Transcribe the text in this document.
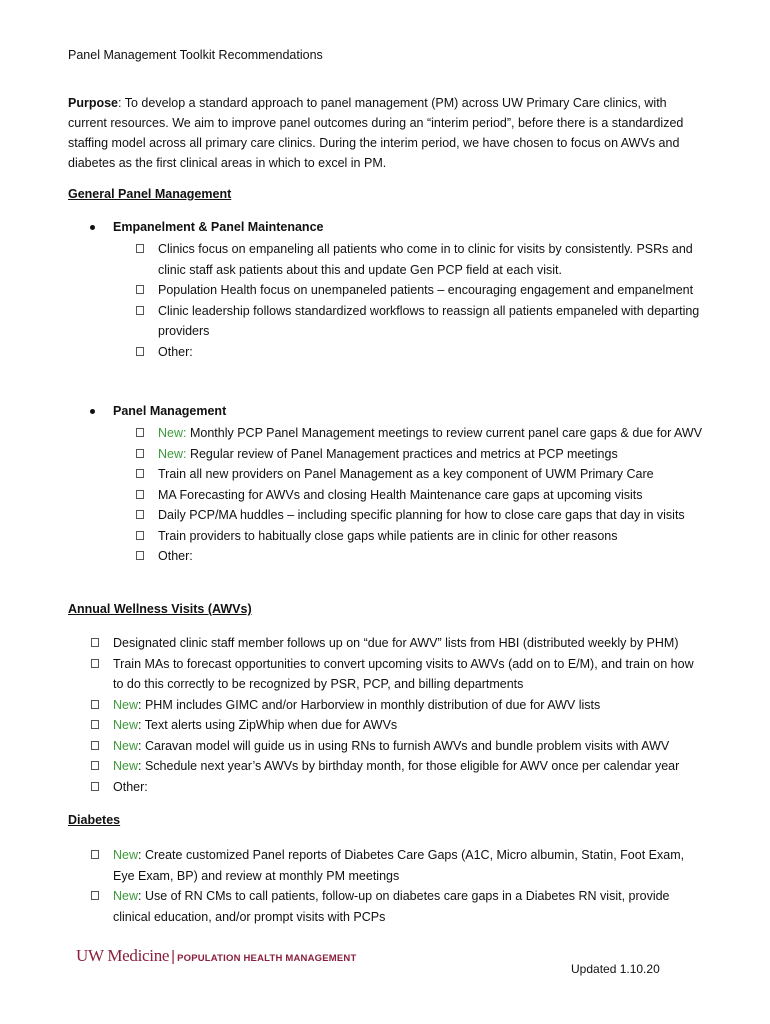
Panel Management Toolkit Recommendations
Purpose: To develop a standard approach to panel management (PM) across UW Primary Care clinics, with current resources. We aim to improve panel outcomes during an “interim period”, before there is a standardized staffing model across all primary care clinics. During the interim period, we have chosen to focus on AWVs and diabetes as the first clinical areas in which to excel in PM.
General Panel Management
Empanelment & Panel Maintenance
Clinics focus on empaneling all patients who come in to clinic for visits by consistently. PSRs and clinic staff ask patients about this and update Gen PCP field at each visit.
Population Health focus on unempaneled patients – encouraging engagement and empanelment
Clinic leadership follows standardized workflows to reassign all patients empaneled with departing providers
Other:
Panel Management
New: Monthly PCP Panel Management meetings to review current panel care gaps & due for AWV
New: Regular review of Panel Management practices and metrics at PCP meetings
Train all new providers on Panel Management as a key component of UWM Primary Care
MA Forecasting for AWVs and closing Health Maintenance care gaps at upcoming visits
Daily PCP/MA huddles – including specific planning for how to close care gaps that day in visits
Train providers to habitually close gaps while patients are in clinic for other reasons
Other:
Annual Wellness Visits (AWVs)
Designated clinic staff member follows up on “due for AWV” lists from HBI (distributed weekly by PHM)
Train MAs to forecast opportunities to convert upcoming visits to AWVs (add on to E/M), and train on how to do this correctly to be recognized by PSR, PCP, and billing departments
New: PHM includes GIMC and/or Harborview in monthly distribution of due for AWV lists
New: Text alerts using ZipWhip when due for AWVs
New: Caravan model will guide us in using RNs to furnish AWVs and bundle problem visits with AWV
New: Schedule next year’s AWVs by birthday month, for those eligible for AWV once per calendar year
Other:
Diabetes
New: Create customized Panel reports of Diabetes Care Gaps (A1C, Micro albumin, Statin, Foot Exam, Eye Exam, BP) and review at monthly PM meetings
New: Use of RN CMs to call patients, follow-up on diabetes care gaps in a Diabetes RN visit, provide clinical education, and/or prompt visits with PCPs
UW Medicine | POPULATION HEALTH MANAGEMENT
Updated 1.10.20
